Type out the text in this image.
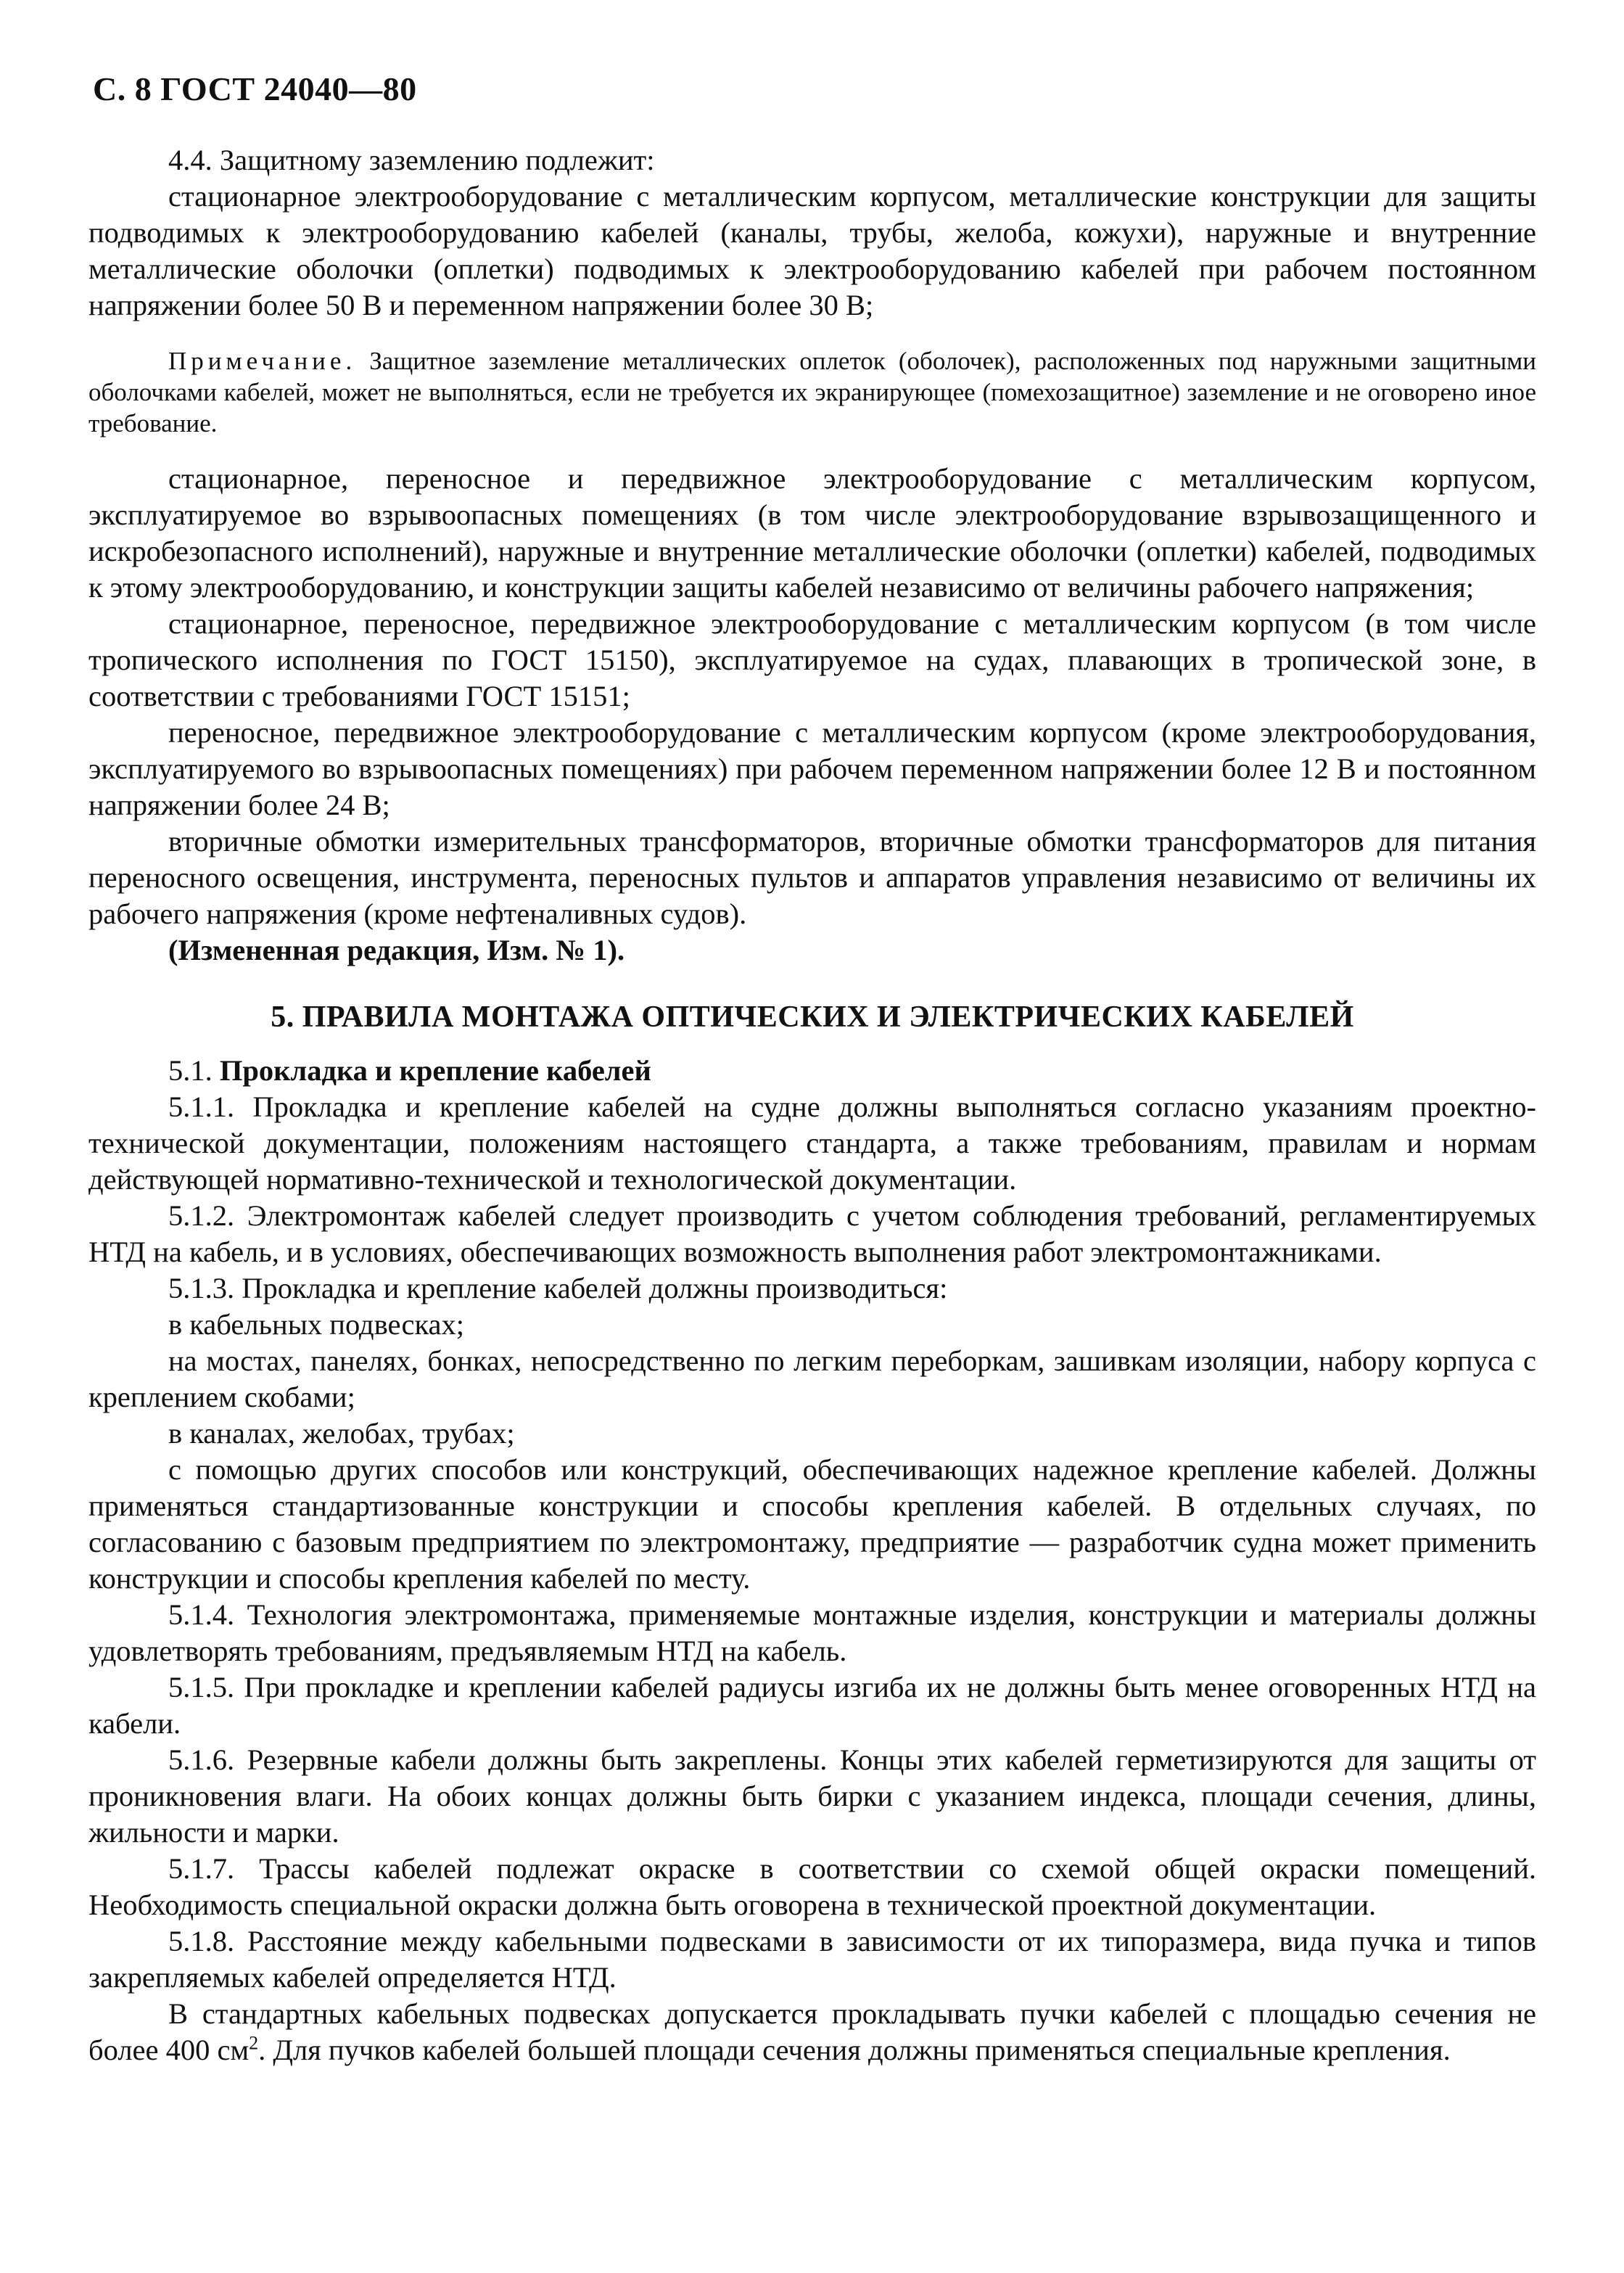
С. 8 ГОСТ 24040—80

4.4. Защитному заземлению подлежит:

стационарное электрооборудование с металлическим корпусом, металлические конструкции для защиты подводимых к электрооборудованию кабелей (каналы, трубы, желоба, кожухи), наружные и внутренние металлические оболочки (оплетки) подводимых к электрооборудованию кабелей при рабочем постоянном напряжении более 50 В и переменном напряжении более 30 В;

Примечание. Защитное заземление металлических оплеток (оболочек), расположенных под наружными защитными оболочками кабелей, может не выполняться, если не требуется их экранирующее (помехозащитное) заземление и не оговорено иное требование.

стационарное, переносное и передвижное электрооборудование с металлическим корпусом, эксплуатируемое во взрывоопасных помещениях (в том числе электрооборудование взрывозащищенного и искробезопасного исполнений), наружные и внутренние металлические оболочки (оплетки) кабелей, подводимых к этому электрооборудованию, и конструкции защиты кабелей независимо от величины рабочего напряжения;

стационарное, переносное, передвижное электрооборудование с металлическим корпусом (в том числе тропического исполнения по ГОСТ 15150), эксплуатируемое на судах, плавающих в тропической зоне, в соответствии с требованиями ГОСТ 15151;

переносное, передвижное электрооборудование с металлическим корпусом (кроме электрооборудования, эксплуатируемого во взрывоопасных помещениях) при рабочем переменном напряжении более 12 В и постоянном напряжении более 24 В;

вторичные обмотки измерительных трансформаторов, вторичные обмотки трансформаторов для питания переносного освещения, инструмента, переносных пультов и аппаратов управления независимо от величины их рабочего напряжения (кроме нефтеналивных судов).

(Измененная редакция, Изм. № 1).

5. ПРАВИЛА МОНТАЖА ОПТИЧЕСКИХ И ЭЛЕКТРИЧЕСКИХ КАБЕЛЕЙ

5.1. Прокладка и крепление кабелей

5.1.1. Прокладка и крепление кабелей на судне должны выполняться согласно указаниям проектно-технической документации, положениям настоящего стандарта, а также требованиям, правилам и нормам действующей нормативно-технической и технологической документации.

5.1.2. Электромонтаж кабелей следует производить с учетом соблюдения требований, регламентируемых НТД на кабель, и в условиях, обеспечивающих возможность выполнения работ электромонтажниками.

5.1.3. Прокладка и крепление кабелей должны производиться:

в кабельных подвесках;

на мостах, панелях, бонках, непосредственно по легким переборкам, зашивкам изоляции, набору корпуса с креплением скобами;

в каналах, желобах, трубах;

с помощью других способов или конструкций, обеспечивающих надежное крепление кабелей. Должны применяться стандартизованные конструкции и способы крепления кабелей. В отдельных случаях, по согласованию с базовым предприятием по электромонтажу, предприятие — разработчик судна может применить конструкции и способы крепления кабелей по месту.

5.1.4. Технология электромонтажа, применяемые монтажные изделия, конструкции и материалы должны удовлетворять требованиям, предъявляемым НТД на кабель.

5.1.5. При прокладке и креплении кабелей радиусы изгиба их не должны быть менее оговоренных НТД на кабели.

5.1.6. Резервные кабели должны быть закреплены. Концы этих кабелей герметизируются для защиты от проникновения влаги. На обоих концах должны быть бирки с указанием индекса, площади сечения, длины, жильности и марки.

5.1.7. Трассы кабелей подлежат окраске в соответствии со схемой общей окраски помещений. Необходимость специальной окраски должна быть оговорена в технической проектной документации.

5.1.8. Расстояние между кабельными подвесками в зависимости от их типоразмера, вида пучка и типов закрепляемых кабелей определяется НТД.

В стандартных кабельных подвесках допускается прокладывать пучки кабелей с площадью сечения не более 400 $см^2$. Для пучков кабелей большей площади сечения должны применяться специальные крепления.
